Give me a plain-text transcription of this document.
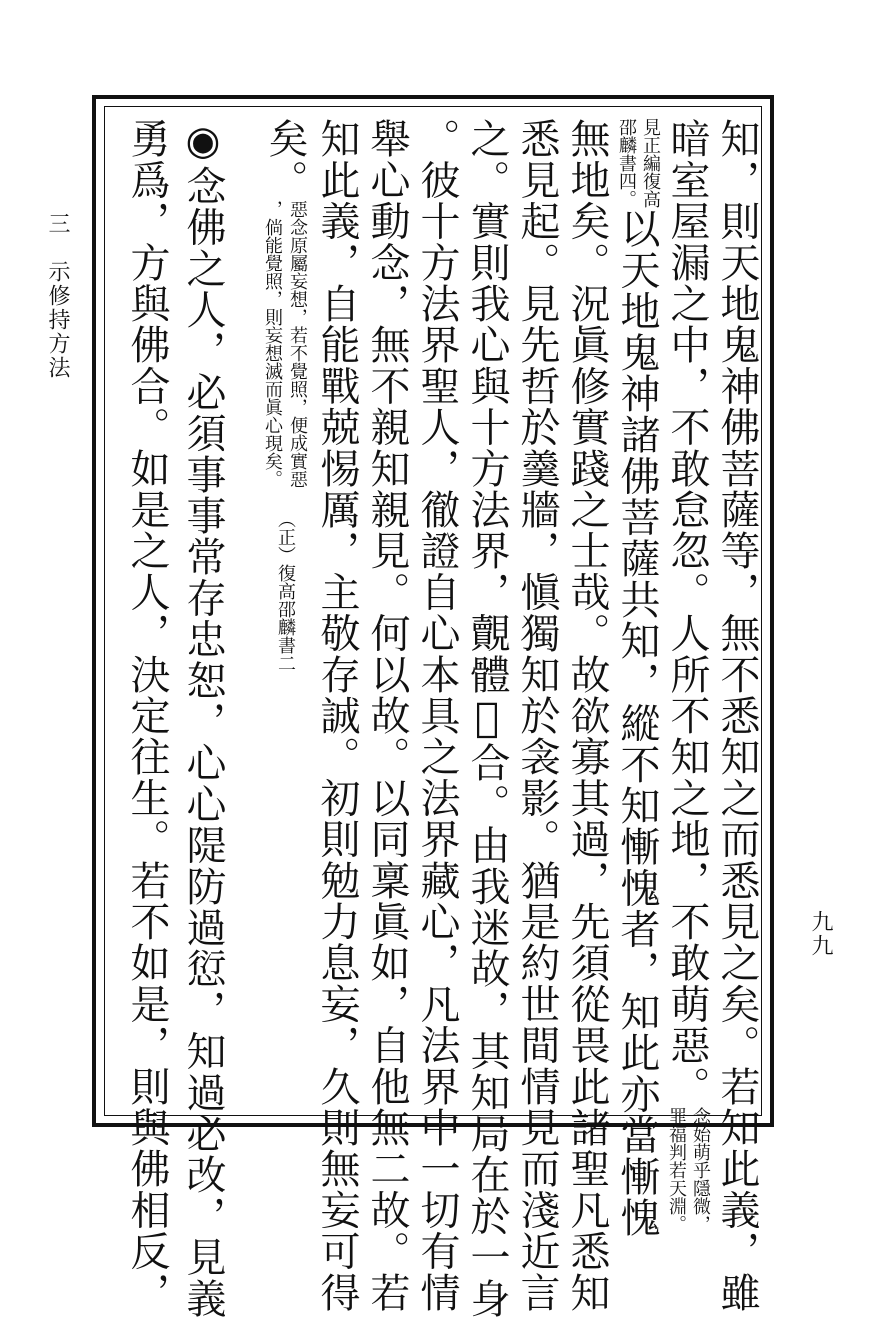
三　示修持方法
九九
知，則天地鬼神佛菩薩等，無不悉知之而悉見之矣。若知此義，雖
暗室屋漏之中，不敢怠忽。人所不知之地，不敢萌惡。念始萌乎隱微，
罪福判若天淵。
見正編復高
邵麟書四。以天地鬼神諸佛菩薩共知，縱不知慚愧者，知此亦當慚愧
無地矣。況眞修實踐之士哉。故欲寡其過，先須從畏此諸聖凡悉知
悉見起。見先哲於羹牆，愼獨知於衾影。猶是約世間情見而淺近言
之。實則我心與十方法界，覿體𦚾合。由我迷故，其知局在於一身
。彼十方法界聖人，徹證自心本具之法界藏心，凡法界中一切有情
舉心動念，無不親知親見。何以故。以同稟眞如，自他無二故。若
知此義，自能戰兢惕厲，主敬存誠。初則勉力息妄，久則無妄可得
矣。惡念原屬妄想，若不覺照，便成實惡
，倘能覺照，則妄想滅而眞心現矣。（正）復高邵麟書二
◉念佛之人，必須事事常存忠恕，心心隄防過愆，知過必改，見義
勇爲，方與佛合。如是之人，決定往生。若不如是，則與佛相反，
